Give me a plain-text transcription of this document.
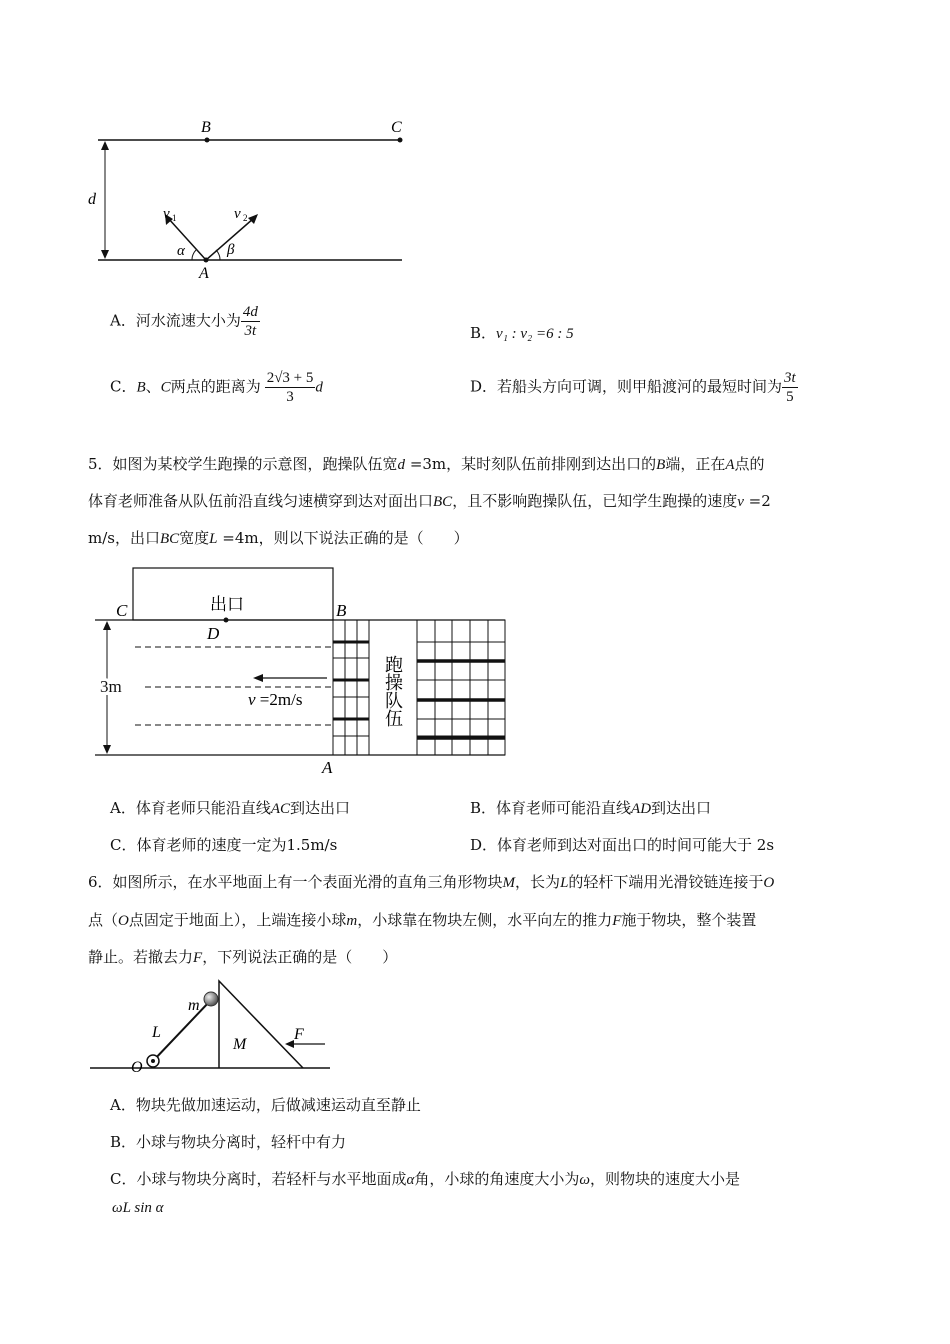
B	C
d
A
v 1	v 2
α	β
A．河水流速大小为 $\frac{4d}{3t}$	B．v₁ : v₂ =6 : 5
C．B、C两点的距离为 $\frac{2√3 + 5}{3}$ d	D．若船头方向可调，则甲船渡河的最短时间为 $\frac{3t}{5}$
5．如图为某校学生跑操的示意图，跑操队伍宽d =3m，某时刻队伍前排刚到达出口的B端，正在A点的
体育老师准备从队伍前沿直线匀速横穿到达对面出口BC，且不影响跑操队伍，已知学生跑操的速度v =2
m/s，出口BC宽度L =4m，则以下说法正确的是（　　）
出口
C	B
D
A
3m
v =2m/s	跑操队伍
A．体育老师只能沿直线AC到达出口	B．体育老师可能沿直线AD到达出口
C．体育老师的速度一定为1.5m/s	D．体育老师到达对面出口的时间可能大于 2s
6．如图所示，在水平地面上有一个表面光滑的直角三角形物块M，长为L的轻杆下端用光滑铰链连接于O
点（O点固定于地面上），上端连接小球m，小球靠在物块左侧，水平向左的推力F施于物块，整个装置
静止。若撤去力F，下列说法正确的是（　　）
m
L
O
M
F
A．物块先做加速运动，后做减速运动直至静止
B．小球与物块分离时，轻杆中有力
C．小球与物块分离时，若轻杆与水平地面成α角，小球的角速度大小为ω，则物块的速度大小是
ωL sin α
